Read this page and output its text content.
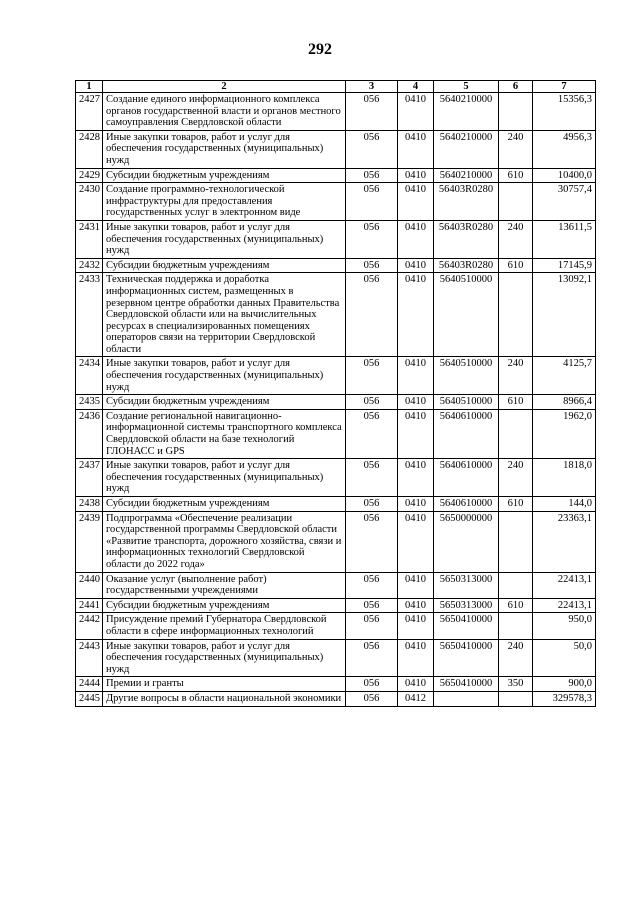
292
1	2	3	4	5	6	7
2427	Создание единого информационного комплекса органов государственной власти и органов местного самоуправления Свердловской области	056	0410	5640210000		15356,3
2428	Иные закупки товаров, работ и услуг для обеспечения государственных (муниципальных) нужд	056	0410	5640210000	240	4956,3
2429	Субсидии бюджетным учреждениям	056	0410	5640210000	610	10400,0
2430	Создание программно-технологической инфраструктуры для предоставления государственных услуг в электронном виде	056	0410	56403R0280		30757,4
2431	Иные закупки товаров, работ и услуг для обеспечения государственных (муниципальных) нужд	056	0410	56403R0280	240	13611,5
2432	Субсидии бюджетным учреждениям	056	0410	56403R0280	610	17145,9
2433	Техническая поддержка и доработка информационных систем, размещенных в резервном центре обработки данных Правительства Свердловской области или на вычислительных ресурсах в специализированных помещениях операторов связи на территории Свердловской области	056	0410	5640510000		13092,1
2434	Иные закупки товаров, работ и услуг для обеспечения государственных (муниципальных) нужд	056	0410	5640510000	240	4125,7
2435	Субсидии бюджетным учреждениям	056	0410	5640510000	610	8966,4
2436	Создание региональной навигационно-информационной системы транспортного комплекса Свердловской области на базе технологий ГЛОНАСС и GPS	056	0410	5640610000		1962,0
2437	Иные закупки товаров, работ и услуг для обеспечения государственных (муниципальных) нужд	056	0410	5640610000	240	1818,0
2438	Субсидии бюджетным учреждениям	056	0410	5640610000	610	144,0
2439	Подпрограмма «Обеспечение реализации государственной программы Свердловской области «Развитие транспорта, дорожного хозяйства, связи и информационных технологий Свердловской области до 2022 года»	056	0410	5650000000		23363,1
2440	Оказание услуг (выполнение работ) государственными учреждениями	056	0410	5650313000		22413,1
2441	Субсидии бюджетным учреждениям	056	0410	5650313000	610	22413,1
2442	Присуждение премий Губернатора Свердловской области в сфере информационных технологий	056	0410	5650410000		950,0
2443	Иные закупки товаров, работ и услуг для обеспечения государственных (муниципальных) нужд	056	0410	5650410000	240	50,0
2444	Премии и гранты	056	0410	5650410000	350	900,0
2445	Другие вопросы в области национальной экономики	056	0412			329578,3
